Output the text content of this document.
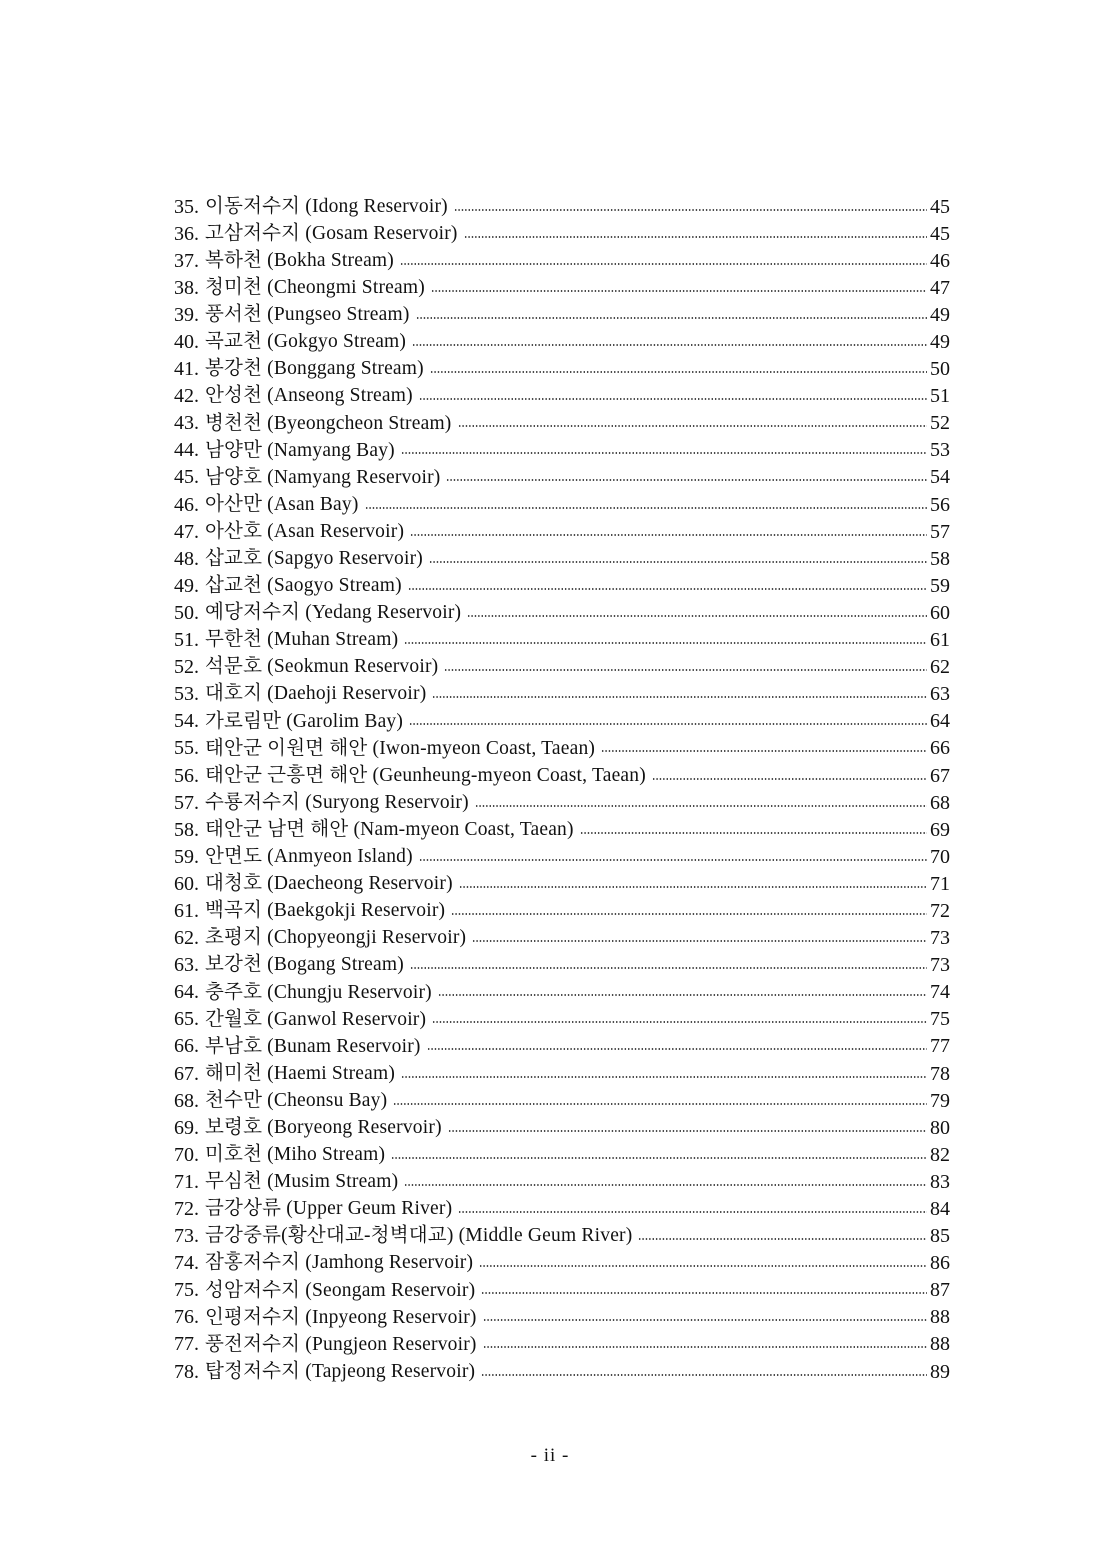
35. 이동저수지 (Idong Reservoir)	45
36. 고삼저수지 (Gosam Reservoir)	45
37. 복하천 (Bokha Stream)	46
38. 청미천 (Cheongmi Stream)	47
39. 풍서천 (Pungseo Stream)	49
40. 곡교천 (Gokgyo Stream)	49
41. 봉강천 (Bonggang Stream)	50
42. 안성천 (Anseong Stream)	51
43. 병천천 (Byeongcheon Stream)	52
44. 남양만 (Namyang Bay)	53
45. 남양호 (Namyang Reservoir)	54
46. 아산만 (Asan Bay)	56
47. 아산호 (Asan Reservoir)	57
48. 삽교호 (Sapgyo Reservoir)	58
49. 삽교천 (Saogyo Stream)	59
50. 예당저수지 (Yedang Reservoir)	60
51. 무한천 (Muhan Stream)	61
52. 석문호 (Seokmun Reservoir)	62
53. 대호지 (Daehoji Reservoir)	63
54. 가로림만 (Garolim Bay)	64
55. 태안군 이원면 해안 (Iwon-myeon Coast, Taean)	66
56. 태안군 근흥면 해안 (Geunheung-myeon Coast, Taean)	67
57. 수룡저수지 (Suryong Reservoir)	68
58. 태안군 남면 해안 (Nam-myeon Coast, Taean)	69
59. 안면도 (Anmyeon Island)	70
60. 대청호 (Daecheong Reservoir)	71
61. 백곡지 (Baekgokji Reservoir)	72
62. 초평지 (Chopyeongji Reservoir)	73
63. 보강천 (Bogang Stream)	73
64. 충주호 (Chungju Reservoir)	74
65. 간월호 (Ganwol Reservoir)	75
66. 부남호 (Bunam Reservoir)	77
67. 해미천 (Haemi Stream)	78
68. 천수만 (Cheonsu Bay)	79
69. 보령호 (Boryeong Reservoir)	80
70. 미호천 (Miho Stream)	82
71. 무심천 (Musim Stream)	83
72. 금강상류 (Upper Geum River)	84
73. 금강중류(황산대교-청벽대교) (Middle Geum River)	85
74. 잠홍저수지 (Jamhong Reservoir)	86
75. 성암저수지 (Seongam Reservoir)	87
76. 인평저수지 (Inpyeong Reservoir)	88
77. 풍전저수지 (Pungjeon Reservoir)	88
78. 탑정저수지 (Tapjeong Reservoir)	89
- ii -
